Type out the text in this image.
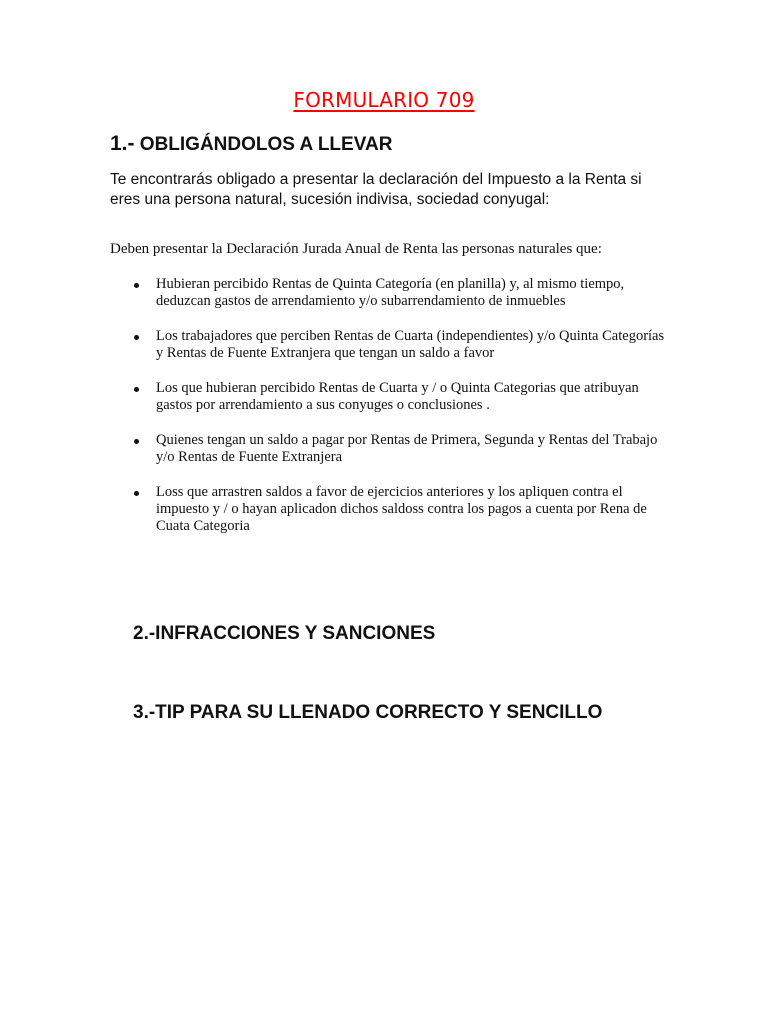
FORMULARIO 709
1.- OBLIGÁNDOLOS A LLEVAR
Te encontrarás obligado a presentar la declaración del Impuesto a la Renta si eres una persona natural, sucesión indivisa, sociedad conyugal:
Deben presentar la Declaración Jurada Anual de Renta las personas naturales que:
Hubieran percibido Rentas de Quinta Categoría (en planilla) y, al mismo tiempo, deduzcan gastos de arrendamiento y/o subarrendamiento de inmuebles
Los trabajadores que perciben Rentas de Cuarta (independientes) y/o Quinta Categorías y Rentas de Fuente Extranjera que tengan un saldo a favor
Los que hubieran percibido Rentas de Cuarta y / o Quinta Categorias que atribuyan gastos por arrendamiento a sus conyuges o conclusiones .
Quienes tengan un saldo a pagar por Rentas de Primera, Segunda y Rentas del Trabajo y/o Rentas de Fuente Extranjera
Loss que arrastren saldos a favor de ejercicios anteriores y los apliquen contra el impuesto y / o hayan aplicadon dichos saldoss contra los pagos a cuenta por Rena de Cuata Categoria
2.-INFRACCIONES Y SANCIONES
3.-TIP PARA SU LLENADO CORRECTO Y SENCILLO
